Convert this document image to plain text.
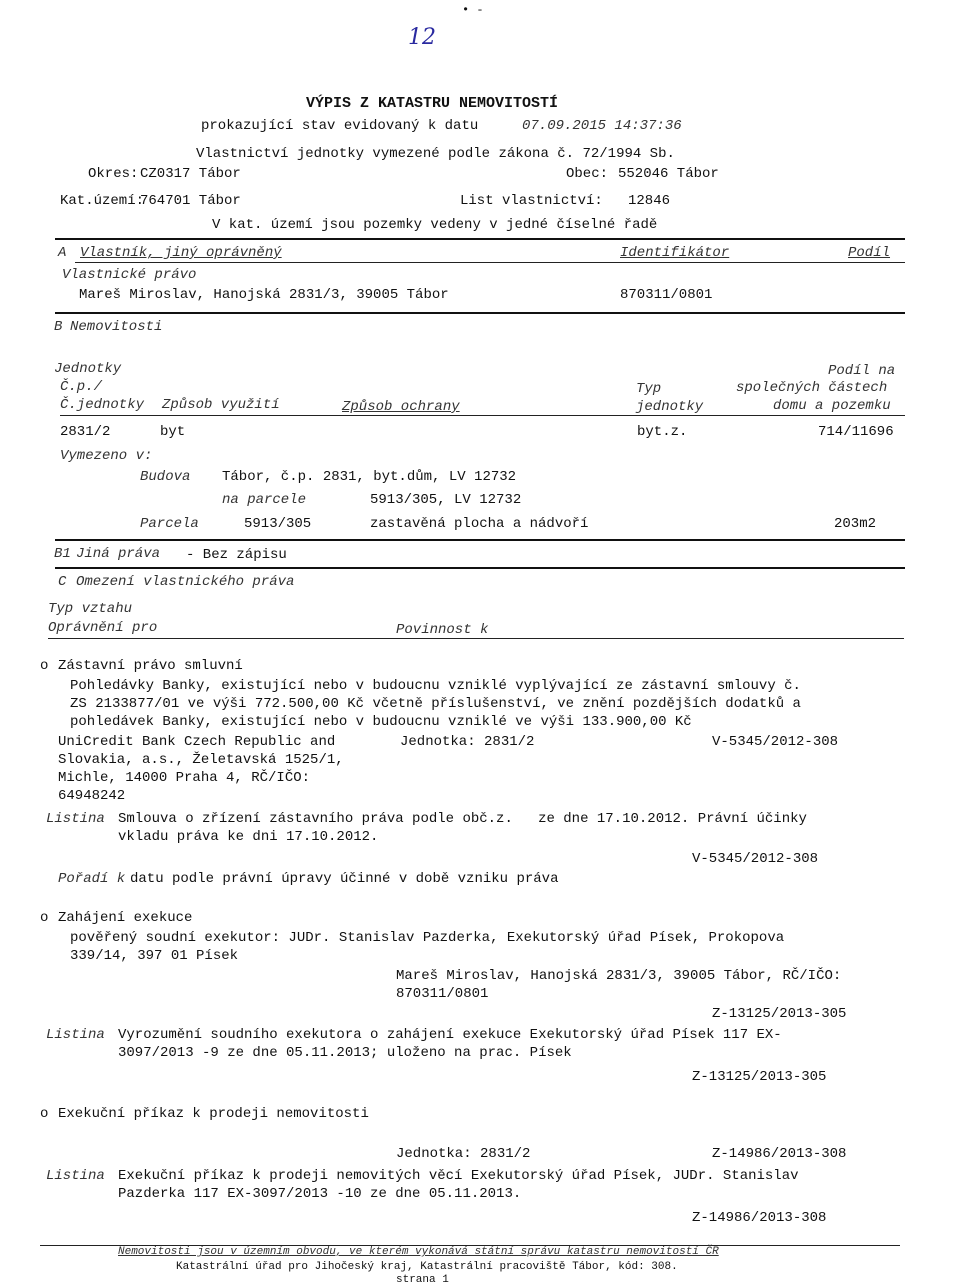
12
• -
VÝPIS Z KATASTRU NEMOVITOSTÍ
prokazující stav evidovaný k datu	07.09.2015 14:37:36
Vlastnictví jednotky vymezené podle zákona č. 72/1994 Sb.
Okres: CZ0317 Tábor	Obec: 552046 Tábor
Kat.území:
764701 Tábor	List vlastnictví: 12846
V kat. území jsou pozemky vedeny v jedné číselné řadě
A Vlastník, jiný oprávněný	Identifikátor	Podíl
Vlastnické právo
Mareš Miroslav, Hanojská 2831/3, 39005 Tábor	870311/0801
B Nemovitosti
Jednotky
Č.p./
Č.jednotky Způsob využití	Způsob ochrany
Typ
jednotky
Podíl na
společných částech
domu a pozemku
2831/2	byt	byt.z.	714/11696
Vymezeno v:
Budova Tábor, č.p. 2831, byt.dům, LV 12732
na parcele	5913/305, LV 12732
Parcela	5913/305	zastavěná plocha a nádvoří	203m2
B1 Jiná práva - Bez zápisu
C Omezení vlastnického práva
Typ vztahu
Oprávnění pro	Povinnost k
o Zástavní právo smluvní
Pohledávky Banky, existující nebo v budoucnu vzniklé vyplývající ze zástavní smlouvy č.
ZS 2133877/01 ve výši 772.500,00 Kč včetně příslušenství, ve znění pozdějších dodatků a
pohledávek Banky, existující nebo v budoucnu vzniklé ve výši 133.900,00 Kč
UniCredit Bank Czech Republic and
Slovakia, a.s., Želetavská 1525/1,
Michle, 14000 Praha 4, RČ/IČO:
64948242
Jednotka: 2831/2	V-5345/2012-308
Listina Smlouva o zřízení zástavního práva podle obč.z.   ze dne 17.10.2012. Právní účinky
vkladu práva ke dni 17.10.2012.
V-5345/2012-308
Pořadí k datu podle právní úpravy účinné v době vzniku práva
o Zahájení exekuce
pověřený soudní exekutor: JUDr. Stanislav Pazderka, Exekutorský úřad Písek, Prokopova
339/14, 397 01 Písek
Mareš Miroslav, Hanojská 2831/3, 39005 Tábor, RČ/IČO:
870311/0801
Z-13125/2013-305
Listina Vyrozumění soudního exekutora o zahájení exekuce Exekutorský úřad Písek 117 EX-
3097/2013 -9 ze dne 05.11.2013; uloženo na prac. Písek
Z-13125/2013-305
o Exekuční příkaz k prodeji nemovitosti
Jednotka: 2831/2	Z-14986/2013-308
Listina Exekuční příkaz k prodeji nemovitých věcí Exekutorský úřad Písek, JUDr. Stanislav
Pazderka 117 EX-3097/2013 -10 ze dne 05.11.2013.
Z-14986/2013-308
Nemovitosti jsou v územním obvodu, ve kterém vykonává státní správu katastru nemovitostí ČR
Katastrální úřad pro Jihočeský kraj, Katastrální pracoviště Tábor, kód: 308.
strana 1
